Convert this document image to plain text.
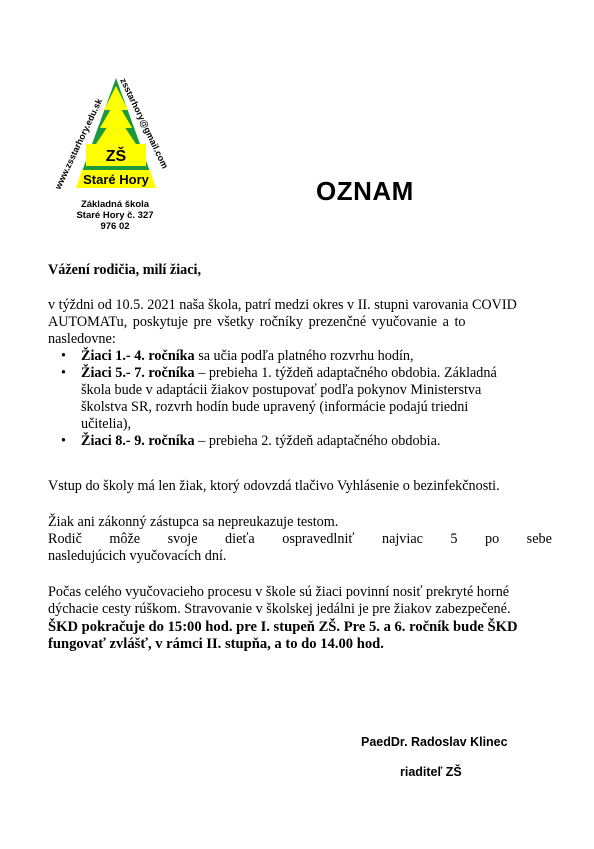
ZŠ
Staré Hory
www.zsstarhory.edu.sk
zsstarhory@gmail.com
Základná škola
Staré Hory č. 327
976 02
OZNAM
Vážení rodičia, milí žiaci,
v týždni od 10.5. 2021 naša škola, patrí medzi okres v II. stupni varovania COVID
AUTOMATu, poskytuje pre všetky ročníky prezenčné vyučovanie a to
nasledovne:
• Žiaci 1.- 4. ročníka sa učia podľa platného rozvrhu hodín,
• Žiaci 5.- 7. ročníka – prebieha 1. týždeň adaptačného obdobia. Základná
škola bude v adaptácii žiakov postupovať podľa pokynov Ministerstva
školstva SR, rozvrh hodín bude upravený (informácie podajú triedni
učitelia),
• Žiaci 8.- 9. ročníka – prebieha 2. týždeň adaptačného obdobia.
Vstup do školy má len žiak, ktorý odovzdá tlačivo Vyhlásenie o bezinfekčnosti.
Žiak ani zákonný zástupca sa nepreukazuje testom.
Rodič môže svoje dieťa ospravedlniť najviac 5 po sebe
nasledujúcich vyučovacích dní.
Počas celého vyučovacieho procesu v škole sú žiaci povinní nosiť prekryté horné
dýchacie cesty rúškom. Stravovanie v školskej jedálni je pre žiakov zabezpečené.
ŠKD pokračuje do 15:00 hod. pre I. stupeň ZŠ. Pre 5. a 6. ročník bude ŠKD
fungovať zvlášť, v rámci II. stupňa, a to do 14.00 hod.
PaedDr. Radoslav Klinec
riaditeľ ZŠ
